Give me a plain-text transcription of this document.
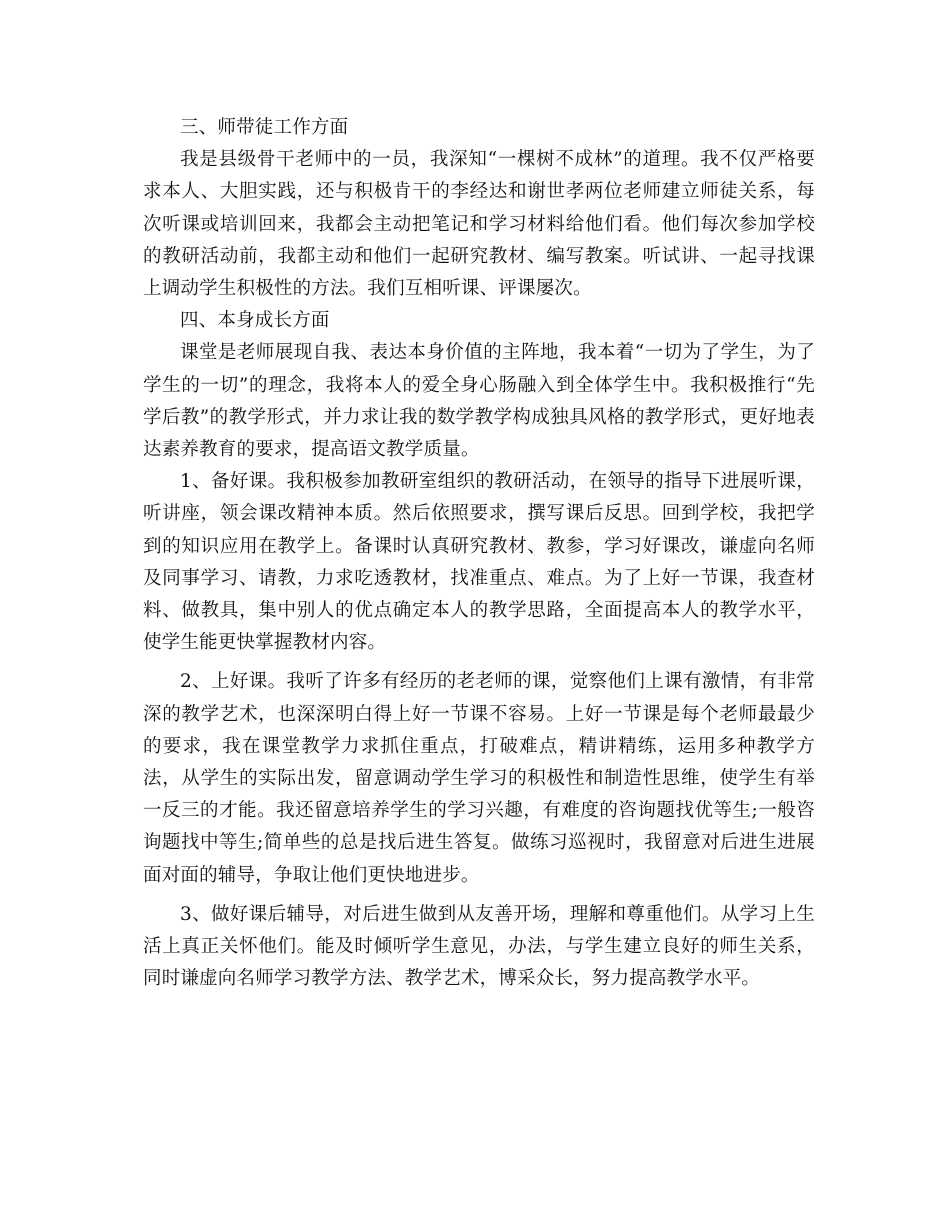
三、师带徒工作方面

我是县级骨干老师中的一员，我深知“一棵树不成林”的道理。我不仅严格要求本人、大胆实践，还与积极肯干的李经达和谢世孝两位老师建立师徒关系，每次听课或培训回来，我都会主动把笔记和学习材料给他们看。他们每次参加学校的教研活动前，我都主动和他们一起研究教材、编写教案。听试讲、一起寻找课上调动学生积极性的方法。我们互相听课、评课屡次。

四、本身成长方面

课堂是老师展现自我、表达本身价值的主阵地，我本着“一切为了学生，为了学生的一切”的理念，我将本人的爱全身心肠融入到全体学生中。我积极推行“先学后教”的教学形式，并力求让我的数学教学构成独具风格的教学形式，更好地表达素养教育的要求，提高语文教学质量。

1、备好课。我积极参加教研室组织的教研活动，在领导的指导下进展听课，听讲座，领会课改精神本质。然后依照要求，撰写课后反思。回到学校，我把学到的知识应用在教学上。备课时认真研究教材、教参，学习好课改，谦虚向名师及同事学习、请教，力求吃透教材，找准重点、难点。为了上好一节课，我查材料、做教具，集中别人的优点确定本人的教学思路，全面提高本人的教学水平，使学生能更快掌握教材内容。

2、上好课。我听了许多有经历的老老师的课，觉察他们上课有激情，有非常深的教学艺术，也深深明白得上好一节课不容易。上好一节课是每个老师最最少的要求，我在课堂教学力求抓住重点，打破难点，精讲精练，运用多种教学方法，从学生的实际出发，留意调动学生学习的积极性和制造性思维，使学生有举一反三的才能。我还留意培养学生的学习兴趣，有难度的咨询题找优等生;一般咨询题找中等生;简单些的总是找后进生答复。做练习巡视时，我留意对后进生进展面对面的辅导，争取让他们更快地进步。

3、做好课后辅导，对后进生做到从友善开场，理解和尊重他们。从学习上生活上真正关怀他们。能及时倾听学生意见，办法，与学生建立良好的师生关系，同时谦虚向名师学习教学方法、教学艺术，博采众长，努力提高教学水平。
